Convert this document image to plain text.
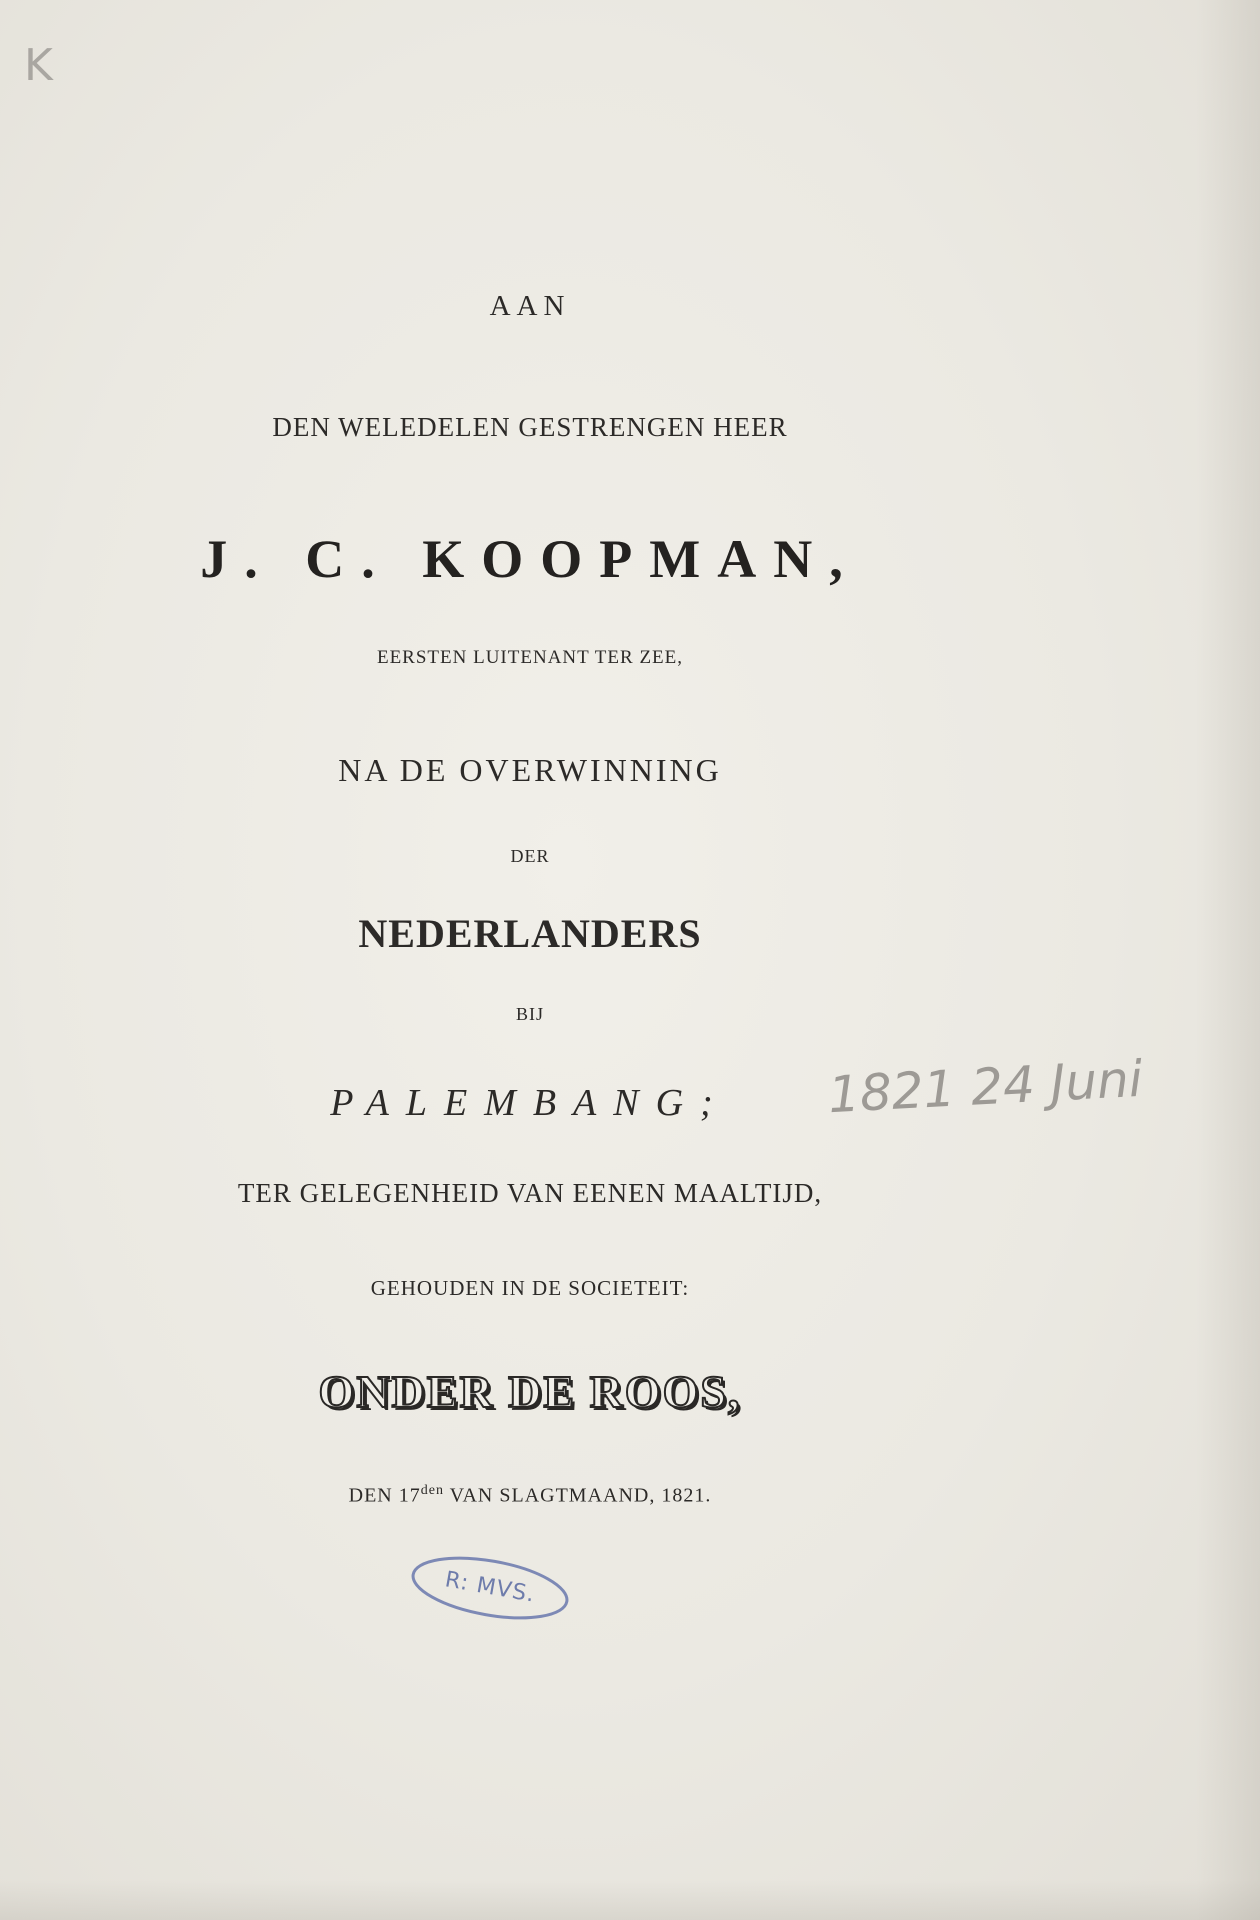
K
AAN
DEN WELEDELEN GESTRENGEN HEER
J. C. KOOPMAN,
EERSTEN LUITENANT TER ZEE,
NA DE OVERWINNING
DER
NEDERLANDERS
BIJ
PALEMBANG;	1821 24 Juni
TER GELEGENHEID VAN EENEN MAALTIJD,
GEHOUDEN IN DE SOCIETEIT:
ONDER DE ROOS,
DEN $17^{den}$ VAN SLAGTMAAND, 1821.
R: MVS.
